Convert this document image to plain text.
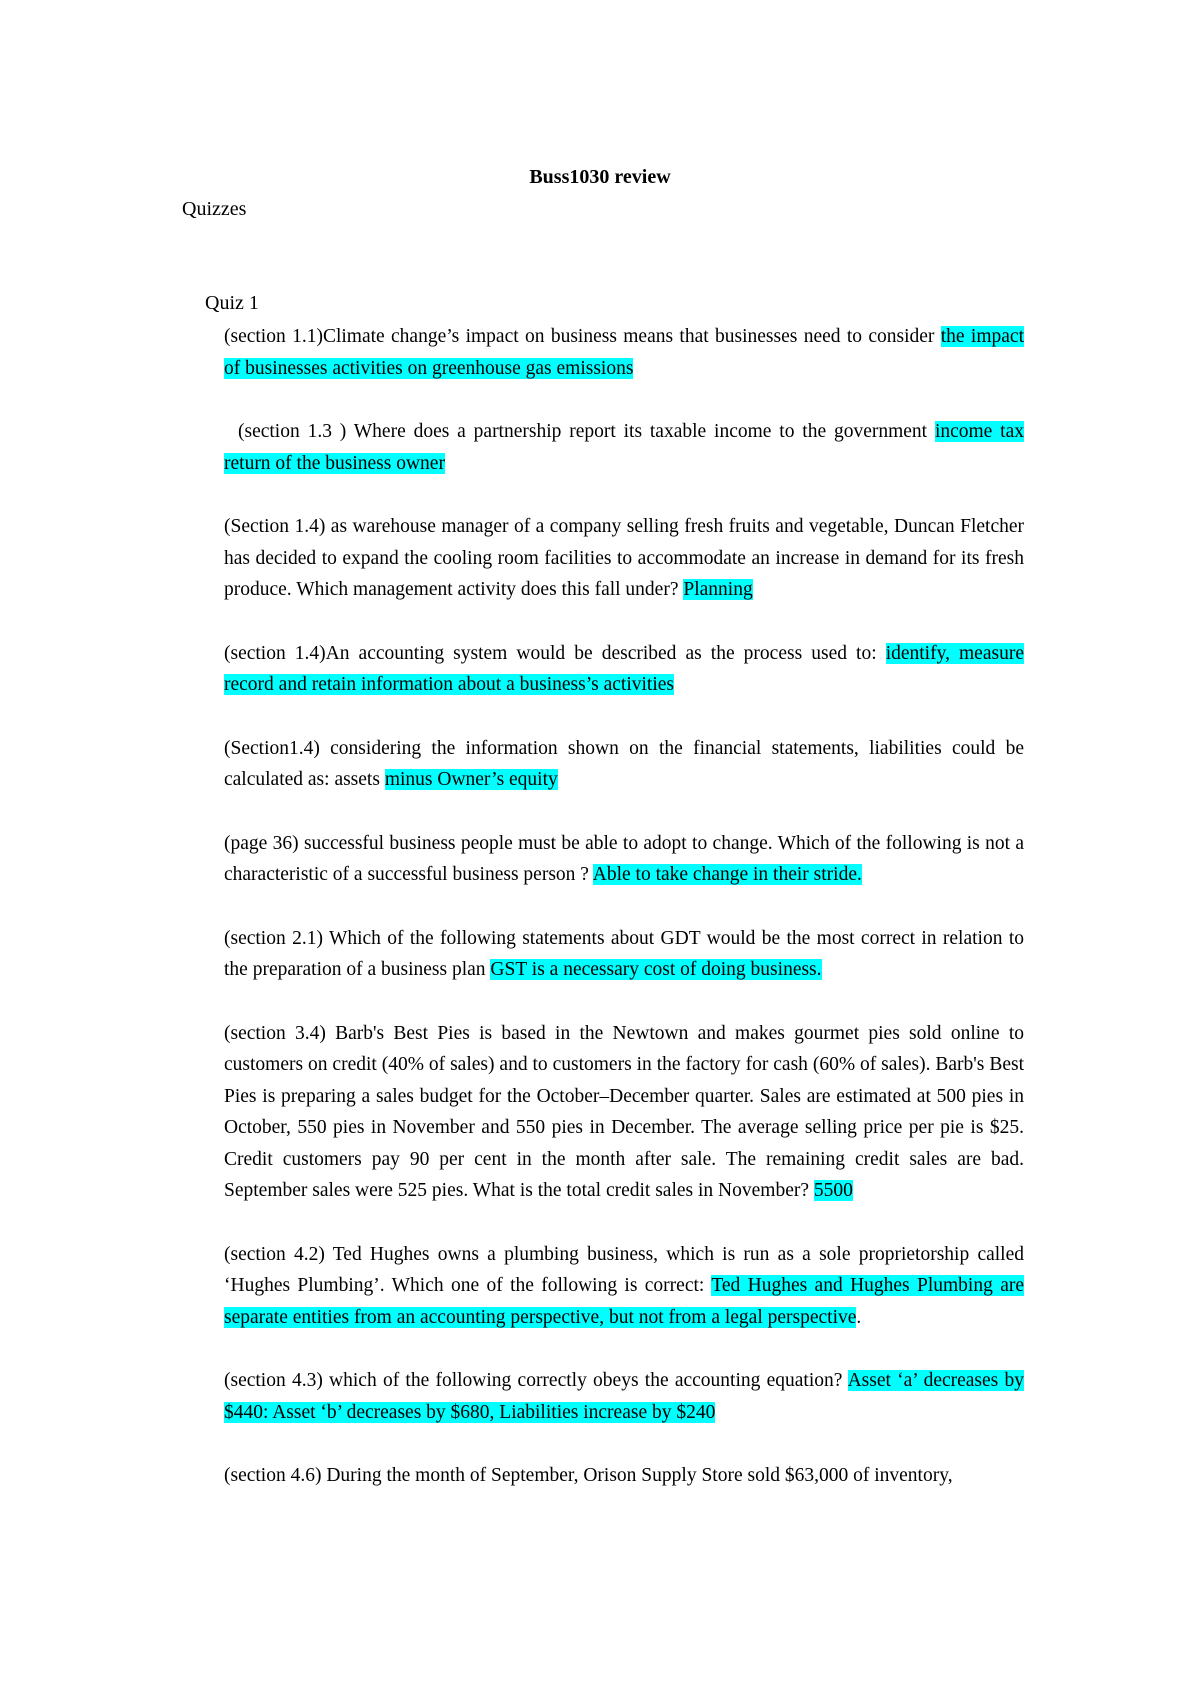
Buss1030 review
Quizzes
Quiz 1

(section 1.1)Climate change’s impact on business means that businesses need to consider the impact of businesses activities on greenhouse gas emissions

(section 1.3 ) Where does a partnership report its taxable income to the government income tax return of the business owner

(Section 1.4) as warehouse manager of a company selling fresh fruits and vegetable, Duncan Fletcher has decided to expand the cooling room facilities to accommodate an increase in demand for its fresh produce. Which management activity does this fall under? Planning

(section 1.4)An accounting system would be described as the process used to: identify, measure record and retain information about a business’s activities

(Section1.4) considering the information shown on the financial statements, liabilities could be calculated as: assets minus Owner’s equity

(page 36) successful business people must be able to adopt to change. Which of the following is not a characteristic of a successful business person ? Able to take change in their stride.

(section 2.1) Which of the following statements about GDT would be the most correct in relation to the preparation of a business plan GST is a necessary cost of doing business.

(section 3.4) Barb's Best Pies is based in the Newtown and makes gourmet pies sold online to customers on credit (40% of sales) and to customers in the factory for cash (60% of sales). Barb's Best Pies is preparing a sales budget for the October–December quarter. Sales are estimated at 500 pies in October, 550 pies in November and 550 pies in December. The average selling price per pie is $25. Credit customers pay 90 per cent in the month after sale. The remaining credit sales are bad. September sales were 525 pies. What is the total credit sales in November? 5500

(section 4.2) Ted Hughes owns a plumbing business, which is run as a sole proprietorship called ‘Hughes Plumbing’. Which one of the following is correct: Ted Hughes and Hughes Plumbing are separate entities from an accounting perspective, but not from a legal perspective.

(section 4.3) which of the following correctly obeys the accounting equation? Asset ‘a’ decreases by $440: Asset ‘b’ decreases by $680, Liabilities increase by $240

(section 4.6) During the month of September, Orison Supply Store sold $63,000 of inventory,
